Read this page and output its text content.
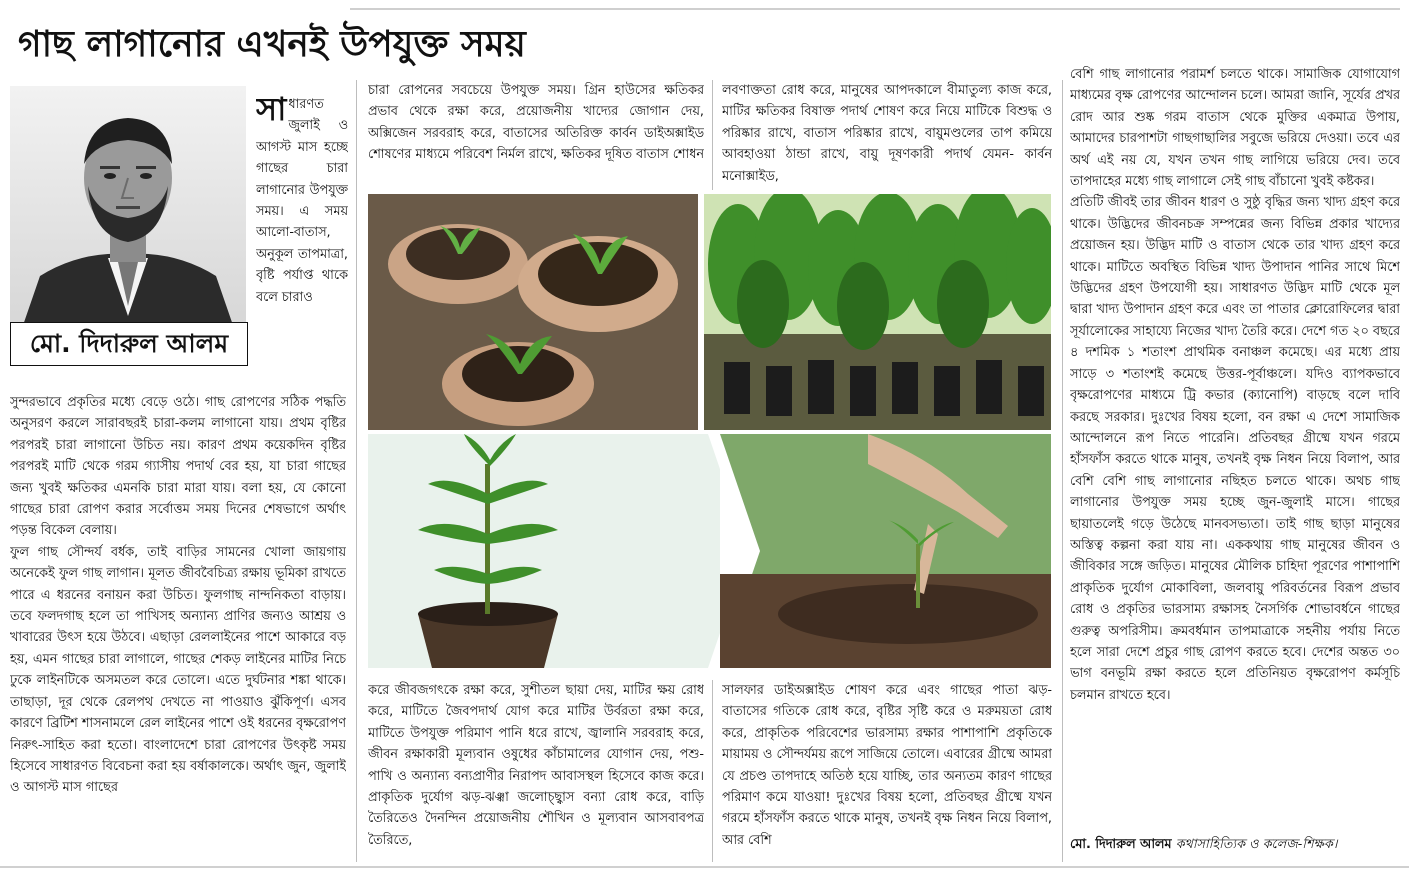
গাছ লাগানোর এখনই উপযুক্ত সময়
মো. দিদারুল আলম
সা ধারণত জুলাই ও আগস্ট মাস হচ্ছে গাছের চারা লাগানোর উপযুক্ত সময়। এ সময় আলো-বাতাস, অনুকূল তাপমাত্রা, বৃষ্টি পর্যাপ্ত থাকে বলে চারাও

সুন্দরভাবে প্রকৃতির মধ্যে বেড়ে ওঠে। গাছ রোপণের সঠিক পদ্ধতি অনুসরণ করলে সারাবছরই চারা-কলম লাগানো যায়। প্রথম বৃষ্টির পরপরই চারা লাগানো উচিত নয়। কারণ প্রথম কয়েকদিন বৃষ্টির পরপরই মাটি থেকে গরম গ্যাসীয় পদার্থ বের হয়, যা চারা গাছের জন্য খুবই ক্ষতিকর এমনকি চারা মারা যায়। বলা হয়, যে কোনো গাছের চারা রোপণ করার সর্বোত্তম সময় দিনের শেষভাগে অর্থাৎ পড়ন্ত বিকেল বেলায়।

ফুল গাছ সৌন্দর্য বর্ধক, তাই বাড়ির সামনের খোলা জায়গায় অনেকেই ফুল গাছ লাগান। মূলত জীববৈচিত্র্য রক্ষায় ভূমিকা রাখতে পারে এ ধরনের বনায়ন করা উচিত। ফুলগাছ নান্দনিকতা বাড়ায়। তবে ফলদগাছ হলে তা পাখিসহ অন্যান্য প্রাণির জন্যও আশ্রয় ও খাবারের উৎস হয়ে উঠবে। এছাড়া রেললাইনের পাশে আকারে বড় হয়, এমন গাছের চারা লাগালে, গাছের শেকড় লাইনের মাটির নিচে ঢুকে লাইনটিকে অসমতল করে তোলে। এতে দুর্ঘটনার শঙ্কা থাকে। তাছাড়া, দূর থেকে রেলপথ দেখতে না পাওয়াও ঝুঁকিপূর্ণ। এসব কারণে ব্রিটিশ শাসনামলে রেল লাইনের পাশে ওই ধরনের বৃক্ষরোপণ নিরুৎ-সাহিত করা হতো। বাংলাদেশে চারা রোপণের উৎকৃষ্ট সময় হিসেবে সাধারণত বিবেচনা করা হয় বর্ষাকালকে। অর্থাৎ জুন, জুলাই ও আগস্ট মাস গাছের

চারা রোপনের সবচেয়ে উপযুক্ত সময়। গ্রিন হাউসের ক্ষতিকর প্রভাব থেকে রক্ষা করে, প্রয়োজনীয় খাদ্যের জোগান দেয়, অক্সিজেন সরবরাহ করে, বাতাসের অতিরিক্ত কার্বন ডাইঅক্সাইড শোষণের মাধ্যমে পরিবেশ নির্মল রাখে, ক্ষতিকর দূষিত বাতাস শোধন

লবণাক্ততা রোধ করে, মানুষের আপদকালে বীমাতুল্য কাজ করে, মাটির ক্ষতিকর বিষাক্ত পদার্থ শোষণ করে নিয়ে মাটিকে বিশুদ্ধ ও পরিষ্কার রাখে, বাতাস পরিষ্কার রাখে, বায়ুমণ্ডলের তাপ কমিয়ে আবহাওয়া ঠান্ডা রাখে, বায়ু দূষণকারী পদার্থ যেমন- কার্বন মনোক্সাইড,

করে জীবজগৎকে রক্ষা করে, সুশীতল ছায়া দেয়, মাটির ক্ষয় রোধ করে, মাটিতে জৈবপদার্থ যোগ করে মাটির উর্বরতা রক্ষা করে, মাটিতে উপযুক্ত পরিমাণ পানি ধরে রাখে, জ্বালানি সরবরাহ করে, জীবন রক্ষাকারী মূল্যবান ওষুধের কাঁচামালের যোগান দেয়, পশু-পাখি ও অন্যান্য বন্যপ্রাণীর নিরাপদ আবাসস্থল হিসেবে কাজ করে। প্রাকৃতিক দুর্যোগ ঝড়-ঝঞ্ঝা জলোচ্ছ্বাস বন্যা রোধ করে, বাড়ি তৈরিতেও দৈনন্দিন প্রয়োজনীয় শৌখিন ও মূল্যবান আসবাবপত্র তৈরিতে,

সালফার ডাইঅক্সাইড শোষণ করে এবং গাছের পাতা ঝড়-বাতাসের গতিকে রোধ করে, বৃষ্টির সৃষ্টি করে ও মরুময়তা রোধ করে, প্রাকৃতিক পরিবেশের ভারসাম্য রক্ষার পাশাপাশি প্রকৃতিকে মায়াময় ও সৌন্দর্যময় রূপে সাজিয়ে তোলে। এবারের গ্রীষ্মে আমরা যে প্রচণ্ড তাপদাহে অতিষ্ঠ হয়ে যাচ্ছি, তার অন্যতম কারণ গাছের পরিমাণ কমে যাওয়া! দুঃখের বিষয় হলো, প্রতিবছর গ্রীষ্মে যখন গরমে হাঁসফাঁস করতে থাকে মানুষ, তখনই বৃক্ষ নিধন নিয়ে বিলাপ, আর বেশি

বেশি গাছ লাগানোর পরামর্শ চলতে থাকে। সামাজিক যোগাযোগ মাধ্যমের বৃক্ষ রোপণের আন্দোলন চলে। আমরা জানি, সূর্যের প্রখর রোদ আর শুষ্ক গরম বাতাস থেকে মুক্তির একমাত্র উপায়, আমাদের চারপাশটা গাছগাছালির সবুজে ভরিয়ে দেওয়া। তবে এর অর্থ এই নয় যে, যখন তখন গাছ লাগিয়ে ভরিয়ে দেব। তবে তাপদাহের মধ্যে গাছ লাগালে সেই গাছ বাঁচানো খুবই কষ্টকর।

প্রতিটি জীবই তার জীবন ধারণ ও সুষ্ঠু বৃদ্ধির জন্য খাদ্য গ্রহণ করে থাকে। উদ্ভিদের জীবনচক্র সম্পন্নের জন্য বিভিন্ন প্রকার খাদ্যের প্রয়োজন হয়। উদ্ভিদ মাটি ও বাতাস থেকে তার খাদ্য গ্রহণ করে থাকে। মাটিতে অবস্থিত বিভিন্ন খাদ্য উপাদান পানির সাথে মিশে উদ্ভিদের গ্রহণ উপযোগী হয়। সাধারণত উদ্ভিদ মাটি থেকে মূল দ্বারা খাদ্য উপাদান গ্রহণ করে এবং তা পাতার ক্লোরোফিলের দ্বারা সূর্যালোকের সাহায্যে নিজের খাদ্য তৈরি করে। দেশে গত ২০ বছরে ৪ দশমিক ১ শতাংশ প্রাথমিক বনাঞ্চল কমেছে। এর মধ্যে প্রায় সাড়ে ৩ শতাংশই কমেছে উত্তর-পূর্বাঞ্চলে। যদিও ব্যাপকভাবে বৃক্ষরোপণের মাধ্যমে ট্রি কভার (ক্যানোপি) বাড়ছে বলে দাবি করছে সরকার। দুঃখের বিষয় হলো, বন রক্ষা এ দেশে সামাজিক আন্দোলনে রূপ নিতে পারেনি। প্রতিবছর গ্রীষ্মে যখন গরমে হাঁসফাঁস করতে থাকে মানুষ, তখনই বৃক্ষ নিধন নিয়ে বিলাপ, আর বেশি বেশি গাছ লাগানোর নছিহত চলতে থাকে। অথচ গাছ লাগানোর উপযুক্ত সময় হচ্ছে জুন-জুলাই মাসে। গাছের ছায়াতলেই গড়ে উঠেছে মানবসভ্যতা। তাই গাছ ছাড়া মানুষের অস্তিত্ব কল্পনা করা যায় না। এককথায় গাছ মানুষের জীবন ও জীবিকার সঙ্গে জড়িত। মানুষের মৌলিক চাহিদা পূরণের পাশাপাশি প্রাকৃতিক দুর্যোগ মোকাবিলা, জলবায়ু পরিবর্তনের বিরূপ প্রভাব রোধ ও প্রকৃতির ভারসাম্য রক্ষাসহ নৈসর্গিক শোভাবর্ধনে গাছের গুরুত্ব অপরিসীম। ক্রমবর্ধমান তাপমাত্রাকে সহনীয় পর্যায় নিতে হলে সারা দেশে প্রচুর গাছ রোপণ করতে হবে। দেশের অন্তত ৩০ ভাগ বনভূমি রক্ষা করতে হলে প্রতিনিয়ত বৃক্ষরোপণ কর্মসূচি চলমান রাখতে হবে।

মো. দিদারুল আলম কথাসাহিত্যিক ও কলেজ-শিক্ষক।
